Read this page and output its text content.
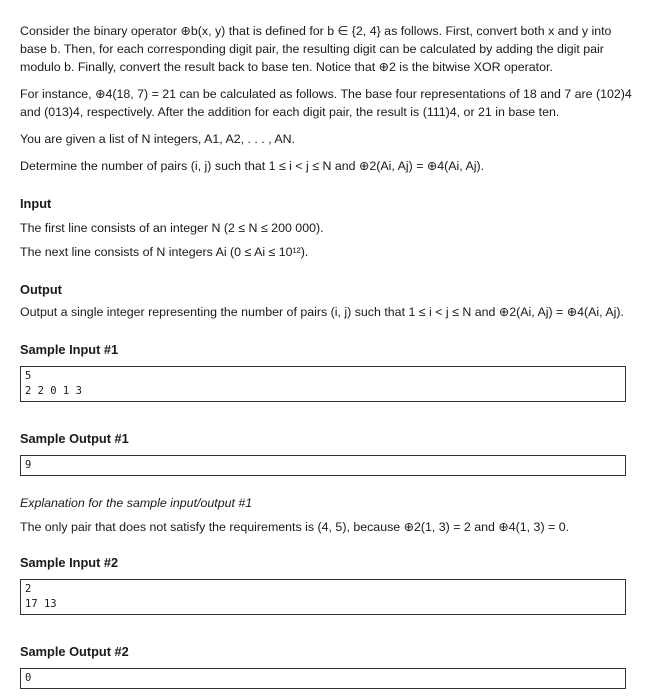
Consider the binary operator ⊕b(x, y) that is defined for b ∈ {2, 4} as follows. First, convert both x and y into base b. Then, for each corresponding digit pair, the resulting digit can be calculated by adding the digit pair modulo b. Finally, convert the result back to base ten. Notice that ⊕2 is the bitwise XOR operator.

For instance, ⊕4(18, 7) = 21 can be calculated as follows. The base four representations of 18 and 7 are (102)4 and (013)4, respectively. After the addition for each digit pair, the result is (111)4, or 21 in base ten.

You are given a list of N integers, A1, A2, . . . , AN.

Determine the number of pairs (i, j) such that 1 ≤ i < j ≤ N and ⊕2(Ai, Aj) = ⊕4(Ai, Aj).

Input

The first line consists of an integer N (2 ≤ N ≤ 200 000).

The next line consists of N integers Ai (0 ≤ Ai ≤ 10¹²).

Output

Output a single integer representing the number of pairs (i, j) such that 1 ≤ i < j ≤ N and ⊕2(Ai, Aj) = ⊕4(Ai, Aj).

Sample Input #1
5
2 2 0 1 3
Sample Output #1
9

Explanation for the sample input/output #1

The only pair that does not satisfy the requirements is (4, 5), because ⊕2(1, 3) = 2 and ⊕4(1, 3) = 0.

Sample Input #2
2
17 13
Sample Output #2
0
